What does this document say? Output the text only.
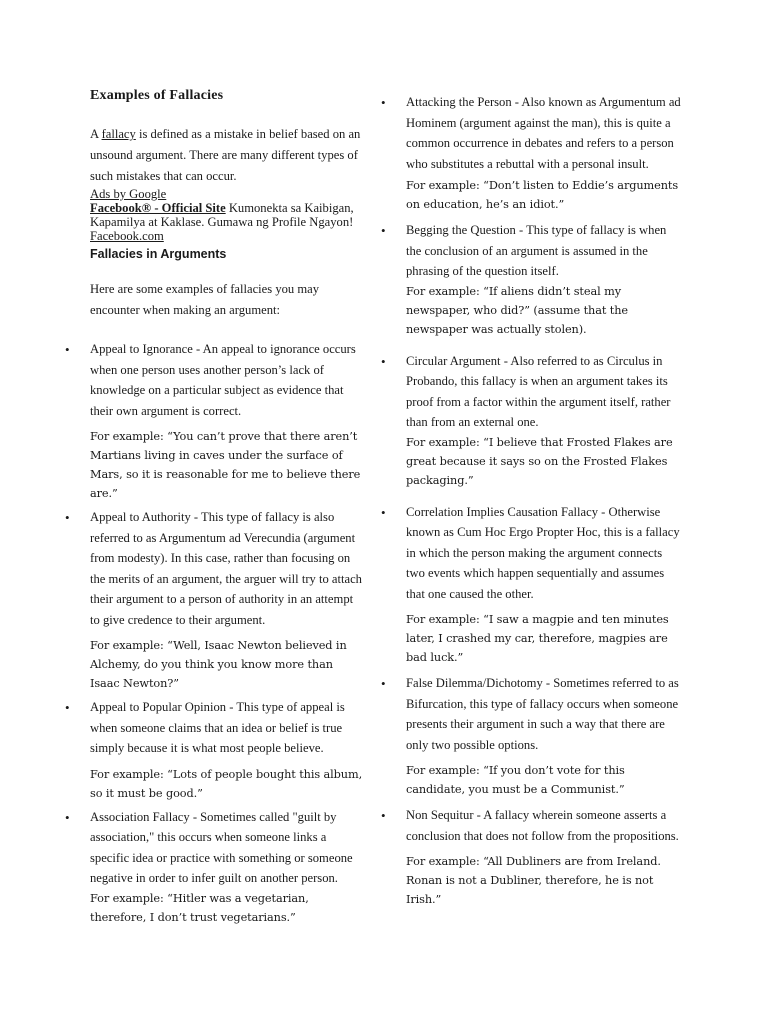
Examples of Fallacies

A fallacy is defined as a mistake in belief based on an unsound argument. There are many different types of such mistakes that can occur.

Ads by Google
Facebook® - Official Site Kumonekta sa Kaibigan, Kapamilya at Kaklase. Gumawa ng Profile Ngayon! Facebook.com
Fallacies in Arguments

Here are some examples of fallacies you may encounter when making an argument:

• Appeal to Ignorance - An appeal to ignorance occurs when one person uses another person’s lack of knowledge on a particular subject as evidence that their own argument is correct.

For example: “You can’t prove that there aren’t Martians living in caves under the surface of Mars, so it is reasonable for me to believe there are.”

• Appeal to Authority - This type of fallacy is also referred to as Argumentum ad Verecundia (argument from modesty). In this case, rather than focusing on the merits of an argument, the arguer will try to attach their argument to a person of authority in an attempt to give credence to their argument.

For example: “Well, Isaac Newton believed in Alchemy, do you think you know more than Isaac Newton?”

• Appeal to Popular Opinion - This type of appeal is when someone claims that an idea or belief is true simply because it is what most people believe.

For example: “Lots of people bought this album, so it must be good.”

• Association Fallacy - Sometimes called "guilt by association," this occurs when someone links a specific idea or practice with something or someone negative in order to infer guilt on another person.

For example: “Hitler was a vegetarian, therefore, I don’t trust vegetarians.”

• Attacking the Person - Also known as Argumentum ad Hominem (argument against the man), this is quite a common occurrence in debates and refers to a person who substitutes a rebuttal with a personal insult.

For example: “Don’t listen to Eddie’s arguments on education, he’s an idiot.”

• Begging the Question - This type of fallacy is when the conclusion of an argument is assumed in the phrasing of the question itself.

For example: “If aliens didn’t steal my newspaper, who did?” (assume that the newspaper was actually stolen).

• Circular Argument - Also referred to as Circulus in Probando, this fallacy is when an argument takes its proof from a factor within the argument itself, rather than from an external one.

For example: “I believe that Frosted Flakes are great because it says so on the Frosted Flakes packaging.”

• Correlation Implies Causation Fallacy - Otherwise known as Cum Hoc Ergo Propter Hoc, this is a fallacy in which the person making the argument connects two events which happen sequentially and assumes that one caused the other.

For example: “I saw a magpie and ten minutes later, I crashed my car, therefore, magpies are bad luck.”

• False Dilemma/Dichotomy - Sometimes referred to as Bifurcation, this type of fallacy occurs when someone presents their argument in such a way that there are only two possible options.

For example: “If you don’t vote for this candidate, you must be a Communist.”

• Non Sequitur - A fallacy wherein someone asserts a conclusion that does not follow from the propositions.

For example: “All Dubliners are from Ireland. Ronan is not a Dubliner, therefore, he is not Irish.”
